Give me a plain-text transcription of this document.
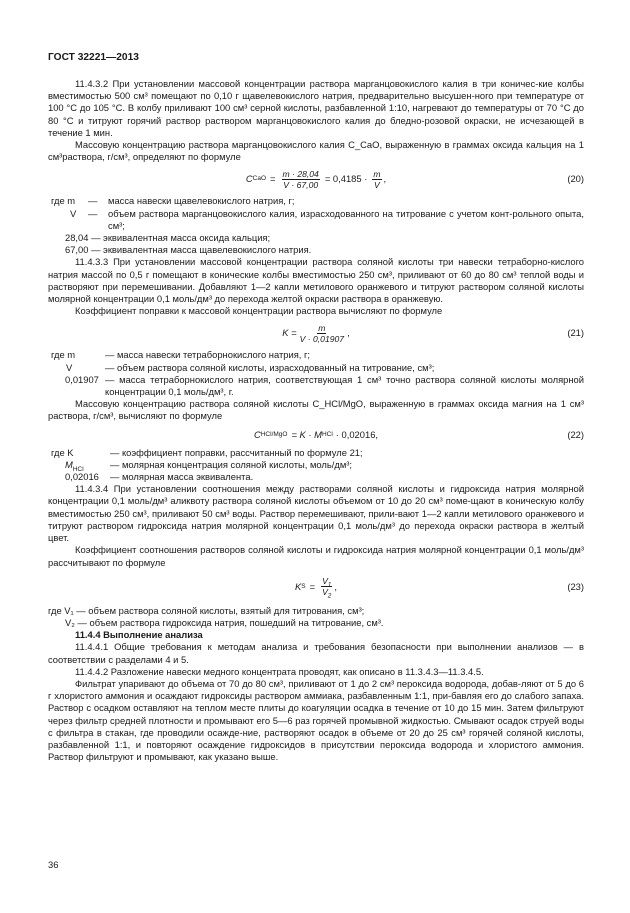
ГОСТ 32221—2013

11.4.3.2 При установлении массовой концентрации раствора марганцовокислого калия в три коничес-кие колбы вместимостью 500 см³ помещают по 0,10 г щавелевокислого натрия, предварительно высушен-ного при температуре от 100 °С до 105 °С. В колбу приливают 100 см³ серной кислоты, разбавленной 1:10, нагревают до температуры от 70 °С до 80 °С и титруют горячий раствор раствором марганцовокислого калия до бледно-розовой окраски, не исчезающей в течение 1 мин.

Массовую концентрацию раствора марганцовокислого калия C_CaO, выраженную в граммах оксида кальция на 1 см³раствора, г/см³, определяют по формуле

C CaO = $\frac{m \cdot 28,04}{V \cdot 67,00} = 0,4185 \cdot \frac{m}{V}$ ,	(20)
где m	—	масса навески щавелевокислого натрия, г;
V	—	объем раствора марганцовокислого калия, израсходованного на титрование с учетом конт-рольного опыта, см³;

28,04 — эквивалентная масса оксида кальция;

67,00 — эквивалентная масса щавелевокислого натрия.

11.4.3.3 При установлении массовой концентрации раствора соляной кислоты три навески тетраборно-кислого натрия массой по 0,5 г помещают в конические колбы вместимостью 250 см³, приливают от 60 до 80 см³ теплой воды и растворяют при перемешивании. Добавляют 1—2 капли метилового оранжевого и титруют раствором соляной кислоты молярной концентрации 0,1 моль/дм³ до перехода желтой окраски раствора в оранжевую.

Коэффициент поправки к массовой концентрации раствора вычисляют по формуле

$K = \frac{m}{V \cdot 0,01907}$ ,	(21)
где m	— масса навески тетраборнокислого натрия, г;
V	— объем раствора соляной кислоты, израсходованный на титрование, см³;
0,01907 — масса тетраборнокислого натрия, соответствующая 1 см³ точно раствора соляной кислоты молярной концентрации 0,1 моль/дм³, г.

Массовую концентрацию раствора соляной кислоты C_HCl/MgO, выраженную в граммах оксида магния на 1 см³ раствора, г/см³, вычисляют по формуле

C HCl/MgO = K · M HCl · 0,02016,	(22)
где K	— коэффициент поправки, рассчитанный по формуле 21;
$M_{HCl}$	— молярная концентрация соляной кислоты, моль/дм³;
0,02016	— молярная масса эквивалента.

11.4.3.4 При установлении соотношения между растворами соляной кислоты и гидроксида натрия молярной концентрации 0,1 моль/дм³ аликвоту раствора соляной кислоты объемом от 10 до 20 см³ поме-щают в коническую колбу вместимостью 250 см³, приливают 50 см³ воды. Раствор перемешивают, прили-вают 1—2 капли метилового оранжевого и титруют раствором гидроксида натрия молярной концентрации 0,1 моль/дм³ до перехода окраски раствора в желтый цвет.

Коэффициент соотношения растворов соляной кислоты и гидроксида натрия молярной концентрации 0,1 моль/дм³ рассчитывают по формуле

K $S = \frac{V_1}{V_2}$ ,	(23)

где V₁ — объем раствора соляной кислоты, взятый для титрования, см³;

V₂ — объем раствора гидроксида натрия, пошедший на титрование, см³.

11.4.4 Выполнение анализа

11.4.4.1 Общие требования к методам анализа и требования безопасности при выполнении анализов — в соответствии с разделами 4 и 5.

11.4.4.2 Разложение навески медного концентрата проводят, как описано в 11.3.4.3—11.3.4.5.

Фильтрат упаривают до объема от 70 до 80 см³, приливают от 1 до 2 см³ пероксида водорода, добав-ляют от 5 до 6 г хлористого аммония и осаждают гидроксиды раствором аммиака, разбавленным 1:1, при-бавляя его до слабого запаха. Раствор с осадком оставляют на теплом месте плиты до коагуляции осадка в течение от 10 до 15 мин. Затем фильтруют через фильтр средней плотности и промывают его 5—6 раз горячей промывной жидкостью. Смывают осадок струей воды с фильтра в стакан, где проводили осажде-ние, растворяют осадок в объеме от 20 до 25 см³ горячей соляной кислоты, разбавленной 1:1, и повторяют осаждение гидроксидов в присутствии пероксида водорода и хлористого аммония. Раствор фильтруют и промывают, как указано выше.

36
